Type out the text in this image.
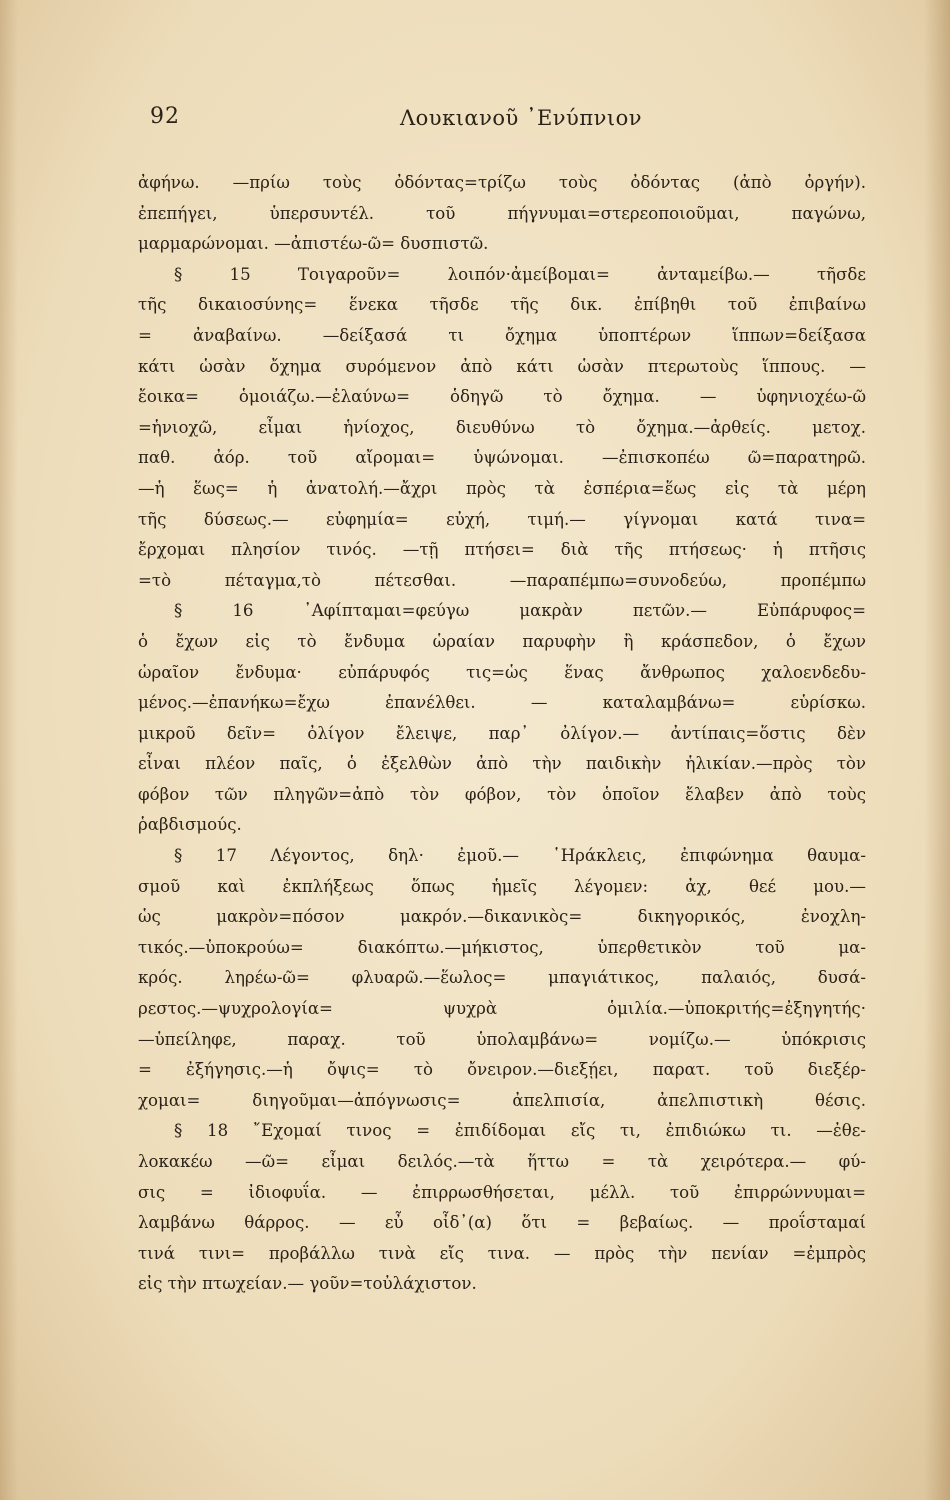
92	Λουκιανοῦ ᾿Ενύπνιον
ἀφήνω. —πρίω τοὺς ὀδόντας=τρίζω τοὺς ὀδόντας (ἀπὸ ὀργήν).
ἐπεπήγει, ὑπερσυντέλ. τοῦ πήγνυμαι=στερεοποιοῦμαι, παγώνω,
μαρμαρώνομαι. —ἀπιστέω-ῶ= δυσπιστῶ.
§ 15 Τοιγαροῦν= λοιπόν·ἀμείβομαι= ἀνταμείβω.— τῆσδε
τῆς δικαιοσύνης= ἕνεκα τῆσδε τῆς δικ. ἐπίβηθι τοῦ ἐπιβαίνω
= ἀναβαίνω. —δείξασά τι ὄχημα ὑποπτέρων ἵππων=δείξασα
κάτι ὡσὰν ὄχημα συρόμενον ἀπὸ κάτι ὡσὰν πτερωτοὺς ἵππους. —
ἔοικα= ὁμοιάζω.—ἐλαύνω= ὁδηγῶ τὸ ὄχημα. — ὑφηνιοχέω-ῶ
=ἡνιοχῶ, εἶμαι ἡνίοχος, διευθύνω τὸ ὄχημα.—ἀρθείς. μετοχ.
παθ. ἀόρ. τοῦ αἴρομαι= ὑψώνομαι. —ἐπισκοπέω ῶ=παρατηρῶ.
—ἡ ἕως= ἡ ἀνατολή.—ἄχρι πρὸς τὰ ἑσπέρια=ἕως εἰς τὰ μέρη
τῆς δύσεως.— εὐφημία= εὐχή, τιμή.— γίγνομαι κατά τινα=
ἔρχομαι πλησίον τινός. —τῇ πτήσει= διὰ τῆς πτήσεως· ἡ πτῆσις
=τὸ πέταγμα,τὸ πέτεσθαι. —παραπέμπω=συνοδεύω, προπέμπω
§ 16 ᾿Αφίπταμαι=φεύγω μακρὰν πετῶν.— Εὐπάρυφος=
ὁ ἔχων εἰς τὸ ἔνδυμα ὡραίαν παρυφὴν ἢ κράσπεδον, ὁ ἔχων
ὡραῖον ἔνδυμα· εὐπάρυφός τις=ὡς ἕνας ἄνθρωπος χαλοενδεδυ-
μένος.—ἐπανήκω=ἔχω ἐπανέλθει. — καταλαμβάνω= εὑρίσκω.
μικροῦ δεῖν= ὀλίγον ἔλειψε, παρ᾽ ὀλίγον.— ἀντίπαις=ὅστις δὲν
εἶναι πλέον παῖς, ὁ ἐξελθὼν ἀπὸ τὴν παιδικὴν ἡλικίαν.—πρὸς τὸν
φόβον τῶν πληγῶν=ἀπὸ τὸν φόβον, τὸν ὁποῖον ἔλαβεν ἀπὸ τοὺς
ῥαβδισμούς.
§ 17 Λέγοντος, δηλ· ἐμοῦ.— ῾Ηράκλεις, ἐπιφώνημα θαυμα-
σμοῦ καὶ ἐκπλήξεως ὅπως ἡμεῖς λέγομεν: ἀχ, θεέ μου.—
ὡς μακρὸν=πόσον μακρόν.—δικανικὸς= δικηγορικός, ἐνοχλη-
τικός.—ὑποκρούω= διακόπτω.—μήκιστος, ὑπερθετικὸν τοῦ μα-
κρός. ληρέω-ῶ= φλυαρῶ.—ἕωλος= μπαγιάτικος, παλαιός, δυσά-
ρεστος.—ψυχρολογία= ψυχρὰ ὁμιλία.—ὑποκριτής=ἐξηγητής·
—ὑπείληφε, παραχ. τοῦ ὑπολαμβάνω= νομίζω.— ὑπόκρισις
= ἐξήγησις.—ἡ ὄψις= τὸ ὄνειρον.—διεξῄει, παρατ. τοῦ διεξέρ-
χομαι= διηγοῦμαι—ἀπόγνωσις= ἀπελπισία, ἀπελπιστικὴ θέσις.
§ 18 ῎Εχομαί τινος = ἐπιδίδομαι εἴς τι, ἐπιδιώκω τι. —ἐθε-
λοκακέω —ῶ= εἶμαι δειλός.—τὰ ἥττω = τὰ χειρότερα.— φύ-
σις = ἰδιοφυΐα. — ἐπιρρωσθήσεται, μέλλ. τοῦ ἐπιρρώννυμαι=
λαμβάνω θάρρος. — εὖ οἶδ᾽(α) ὅτι = βεβαίως. — προΐσταμαί
τινά τινι= προβάλλω τινὰ εἴς τινα. — πρὸς τὴν πενίαν =ἐμπρὸς
εἰς τὴν πτωχείαν.— γοῦν=τοὐλάχιστον.
